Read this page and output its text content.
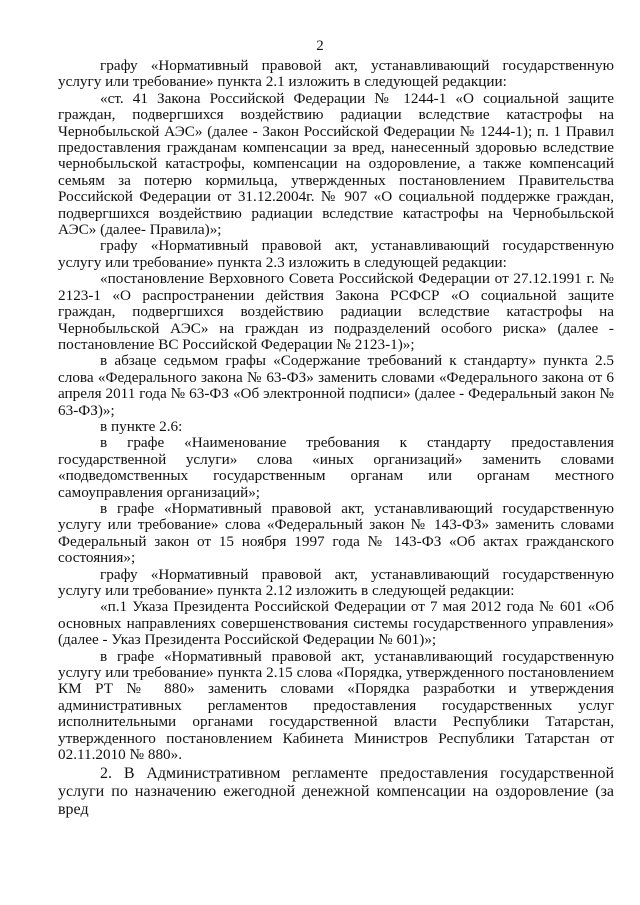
2

графу «Нормативный правовой акт, устанавливающий государственную услугу или требование» пункта 2.1 изложить в следующей редакции:

«ст. 41 Закона Российской Федерации № 1244-1 «О социальной защите граждан, подвергшихся воздействию радиации вследствие катастрофы на Чернобыльской АЭС» (далее - Закон Российской Федерации № 1244-1); п. 1 Правил предоставления гражданам компенсации за вред, нанесенный здоровью вследствие чернобыльской катастрофы, компенсации на оздоровление, а также компенсаций семьям за потерю кормильца, утвержденных постановлением Правительства Российской Федерации от 31.12.2004г. № 907 «О социальной поддержке граждан, подвергшихся воздействию радиации вследствие катастрофы на Чернобыльской АЭС» (далее- Правила)»;

графу «Нормативный правовой акт, устанавливающий государственную услугу или требование» пункта 2.3 изложить в следующей редакции:

«постановление Верховного Совета Российской Федерации от 27.12.1991 г. № 2123-1 «О распространении действия Закона РСФСР «О социальной защите граждан, подвергшихся воздействию радиации вследствие катастрофы на Чернобыльской АЭС» на граждан из подразделений особого риска» (далее - постановление ВС Российской Федерации № 2123-1)»;

в абзаце седьмом графы «Содержание требований к стандарту» пункта 2.5 слова «Федерального закона № 63-ФЗ» заменить словами «Федерального закона от 6 апреля 2011 года № 63-ФЗ «Об электронной подписи» (далее - Федеральный закон № 63-ФЗ)»;

в пункте 2.6:

в графе «Наименование требования к стандарту предоставления государственной услуги» слова «иных организаций» заменить словами «подведомственных государственным органам или органам местного самоуправления организаций»;

в графе «Нормативный правовой акт, устанавливающий государственную услугу или требование» слова «Федеральный закон № 143-ФЗ» заменить словами Федеральный закон от 15 ноября 1997 года № 143-ФЗ «Об актах гражданского состояния»;

графу «Нормативный правовой акт, устанавливающий государственную услугу или требование» пункта 2.12 изложить в следующей редакции:

«п.1 Указа Президента Российской Федерации от 7 мая 2012 года № 601 «Об основных направлениях совершенствования системы государственного управления» (далее - Указ Президента Российской Федерации № 601)»;

в графе «Нормативный правовой акт, устанавливающий государственную услугу или требование» пункта 2.15 слова «Порядка, утвержденного постановлением КМ РТ № 880» заменить словами «Порядка разработки и утверждения административных регламентов предоставления государственных услуг исполнительными органами государственной власти Республики Татарстан, утвержденного постановлением Кабинета Министров Республики Татарстан от 02.11.2010 № 880».

2. В Административном регламенте предоставления государственной услуги по назначению ежегодной денежной компенсации на оздоровление (за вред
